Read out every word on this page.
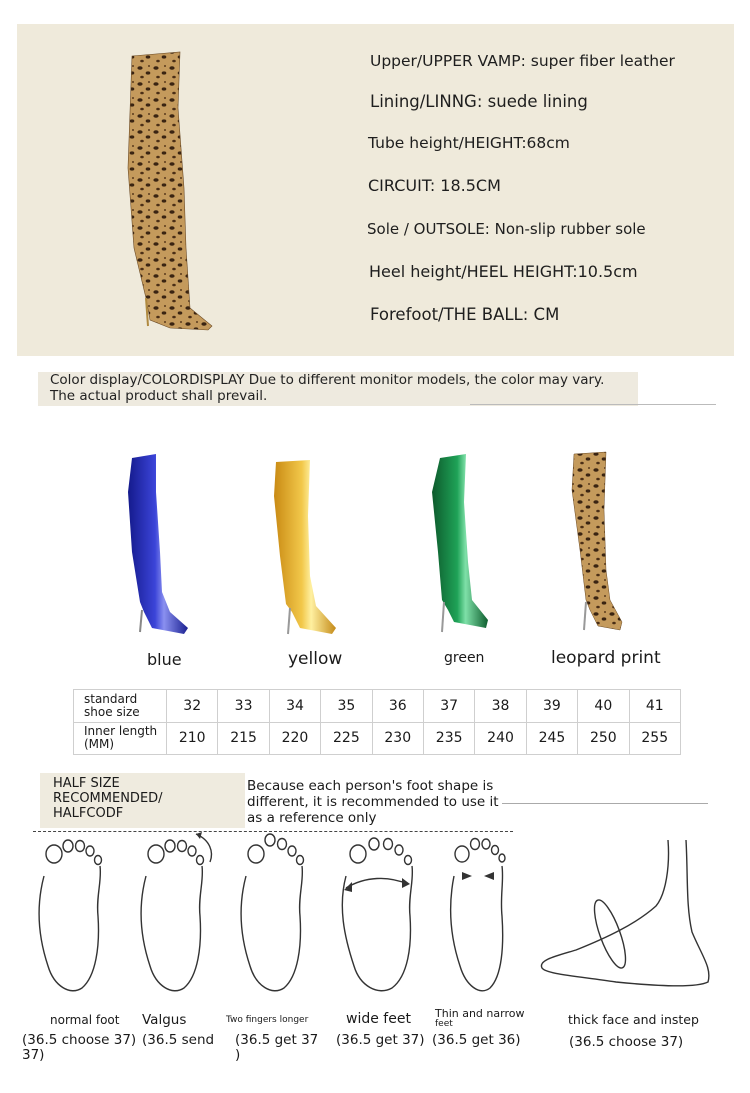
Upper/UPPER VAMP: super fiber leather
Lining/LINNG: suede lining
Tube height/HEIGHT:68cm
CIRCUIT: 18.5CM
Sole / OUTSOLE: Non-slip rubber sole
Heel height/HEEL HEIGHT:10.5cm
Forefoot/THE BALL: CM
Color display/COLORDISPLAY Due to different monitor models, the color may vary.
The actual product shall prevail.
blue	yellow	green	leopard print
standard
shoe size	32	33	34	35	36	37	38	39	40	41

Inner length
(MM)	210	215	220	225	230	235	240	245	250	255
HALF SIZE
RECOMMENDED/
HALFCODF
Because each person's foot shape is
different, it is recommended to use it
as a reference only
normal foot Valgus	Two fingers longer	wide feet Thin and narrow
feet	thick face and instep
(36.5 choose 37)
37)
(36.5 send (36.5 get 37
)
(36.5 get 37) (36.5 get 36)	(36.5 choose 37)
